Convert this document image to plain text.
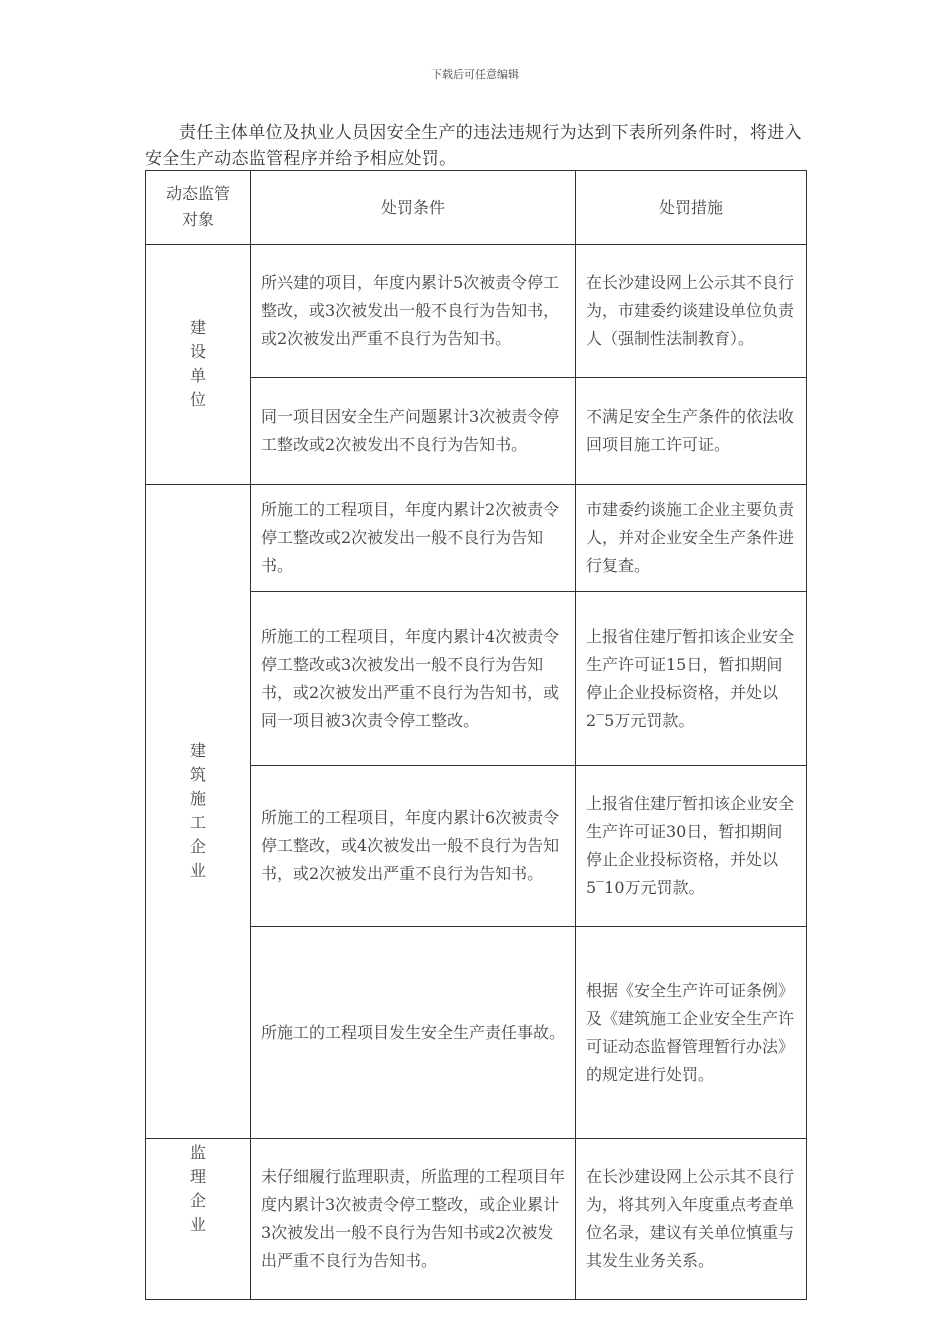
下载后可任意编辑

责任主体单位及执业人员因安全生产的违法违规行为达到下表所列条件时，将进入安全生产动态监管程序并给予相应处罚。

动态监管对象	处罚条件	处罚措施
建设单位	所兴建的项目，年度内累计5次被责令停工整改，或3次被发出一般不良行为告知书，或2次被发出严重不良行为告知书。	在长沙建设网上公示其不良行为，市建委约谈建设单位负责人（强制性法制教育）。
	同一项目因安全生产问题累计3次被责令停工整改或2次被发出不良行为告知书。	不满足安全生产条件的依法收回项目施工许可证。
建筑施工企业	所施工的工程项目，年度内累计2次被责令停工整改或2次被发出一般不良行为告知书。	市建委约谈施工企业主要负责人，并对企业安全生产条件进行复查。
	所施工的工程项目，年度内累计4次被责令停工整改或3次被发出一般不良行为告知书，或2次被发出严重不良行为告知书，或同一项目被3次责令停工整改。	上报省住建厅暂扣该企业安全生产许可证15日，暂扣期间停止企业投标资格，并处以2‾5万元罚款。
	所施工的工程项目，年度内累计6次被责令停工整改，或4次被发出一般不良行为告知书，或2次被发出严重不良行为告知书。	上报省住建厅暂扣该企业安全生产许可证30日，暂扣期间停止企业投标资格，并处以5‾10万元罚款。
	所施工的工程项目发生安全生产责任事故。	根据《安全生产许可证条例》及《建筑施工企业安全生产许可证动态监督管理暂行办法》的规定进行处罚。
监理企业	未仔细履行监理职责，所监理的工程项目年度内累计3次被责令停工整改，或企业累计3次被发出一般不良行为告知书或2次被发出严重不良行为告知书。	在长沙建设网上公示其不良行为，将其列入年度重点考查单位名录，建议有关单位慎重与其发生业务关系。
